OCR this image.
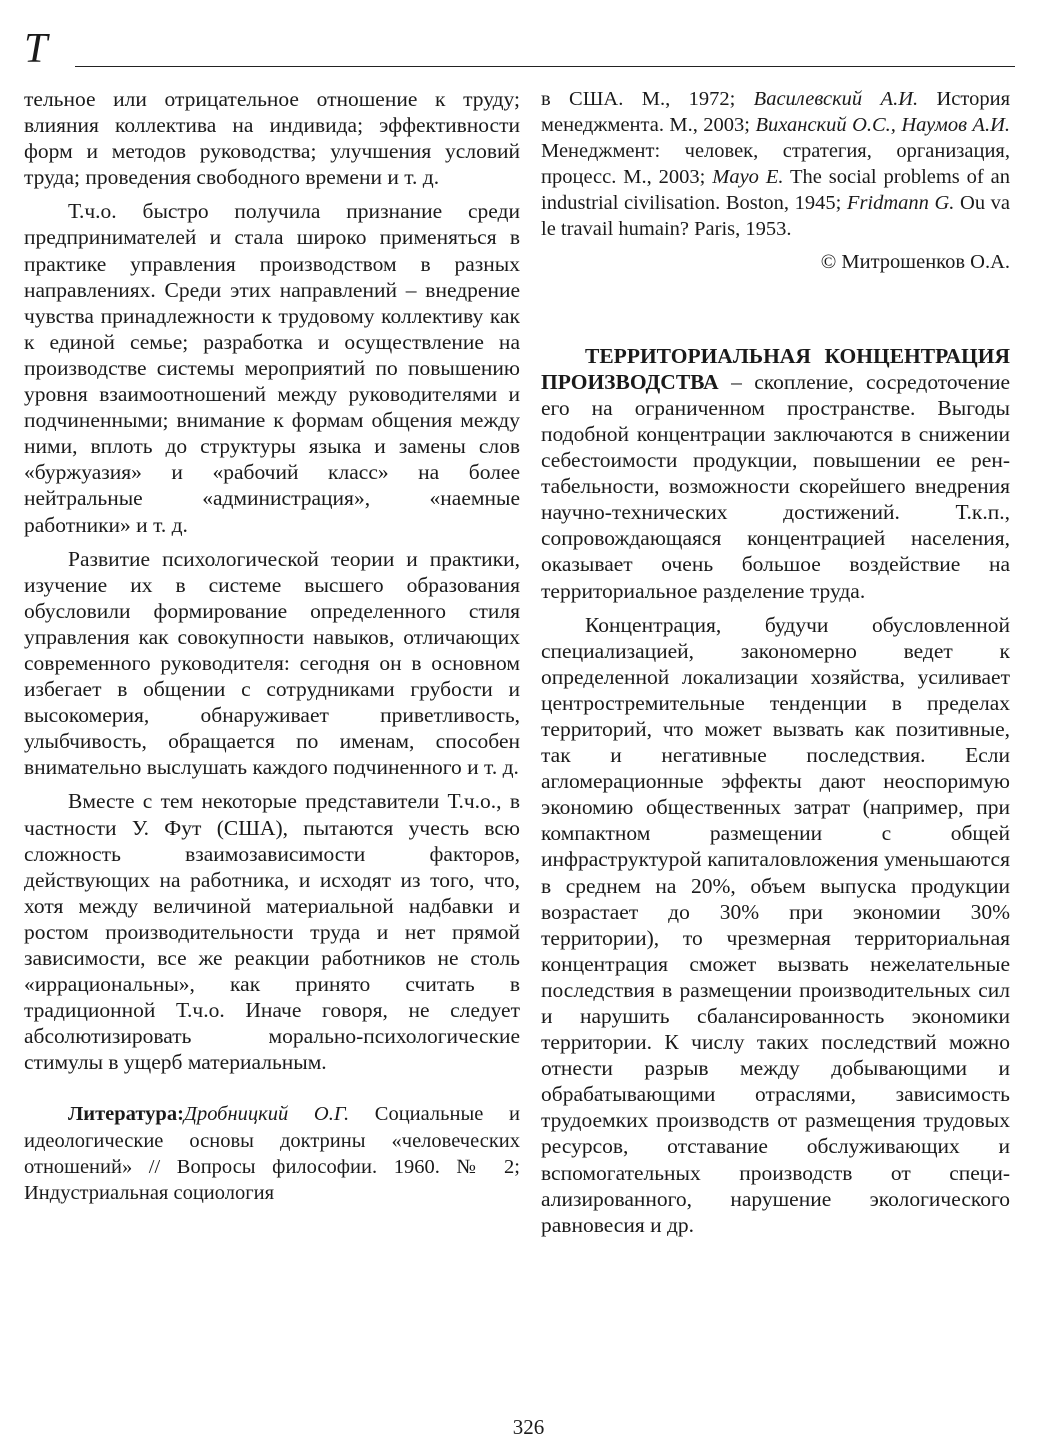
Т

тельное или отрицательное отношение к труду; влияния коллектива на индивида; эффективности форм и методов руководства; улучшения условий труда; проведения свободного времени и т. д.

Т.ч.о. быстро получила признание среди предпринимателей и стала широко применяться в практике управления производством в разных направлениях. Среди этих направлений – внедрение чувства принадлежности к трудовому коллективу как к единой семье; разработка и осуществление на производстве системы мероприятий по повышению уровня взаимоотношений между руководителями и подчиненными; внимание к формам общения между ними, вплоть до структуры языка и замены слов «буржуазия» и «рабочий класс» на более нейтральные «администрация», «наемные работники» и т. д.

Развитие психологической теории и практики, изучение их в системе высшего образования обусловили формирование определенного стиля управления как совокупности навыков, отличающих современного руководителя: сегодня он в основном избегает в общении с сотрудниками грубости и высокомерия, обнаруживает приветливость, улыбчивость, обращается по именам, способен внимательно выслушать каждого подчиненного и т. д.

Вместе с тем некоторые представители Т.ч.о., в частности У. Фут (США), пытаются учесть всю сложность взаимозависимости факторов, действующих на работника, и исходят из того, что, хотя между величиной материальной надбавки и ростом производительности труда и нет прямой зависимости, все же реакции работников не столь «иррациональны», как принято считать в традиционной Т.ч.о. Иначе говоря, не следует абсолютизировать морально-психологические стимулы в ущерб материальным.

Литература:Дробницкий О.Г. Социальные и идеологические основы доктрины «человеческих отношений» // Вопросы философии. 1960. № 2; Индустриальная социология

в США. М., 1972; Василевский А.И. История менеджмента. М., 2003; Виханский О.С., Наумов А.И. Менеджмент: человек, стратегия, организация, процесс. М., 2003; Mayo E. The social problems of an industrial civilisation. Boston, 1945; Fridmann G. Ou va le travail humain? Paris, 1953.

© Митрошенков О.А.

ТЕРРИТОРИАЛЬНАЯ КОНЦЕНТРАЦИЯ ПРОИЗВОДСТВА – скопление, сосредоточение его на ограниченном пространстве. Выгоды подобной концентрации заключаются в снижении себестоимости продукции, повышении ее рентабельности, возможности скорейшего внедрения научно-технических достижений. Т.к.п., сопровождающаяся концентрацией населения, оказывает очень большое воздействие на территориальное разделение труда.

Концентрация, будучи обусловленной специализацией, закономерно ведет к определенной локализации хозяйства, усиливает центростремительные тенденции в пределах территорий, что может вызвать как позитивные, так и негативные последствия. Если агломерационные эффекты дают неоспоримую экономию общественных затрат (например, при компактном размещении с общей инфраструктурой капиталовложения уменьшаются в среднем на 20%, объем выпуска продукции возрастает до 30% при экономии 30% территории), то чрезмерная территориальная концентрация сможет вызвать нежелательные последствия в размещении производительных сил и нарушить сбалансированность экономики территории. К числу таких последствий можно отнести разрыв между добывающими и обрабатывающими отраслями, зависимость трудоемких производств от размещения трудовых ресурсов, отставание обслуживающих и вспомогательных производств от специализированного, нарушение экологического равновесия и др.

326
